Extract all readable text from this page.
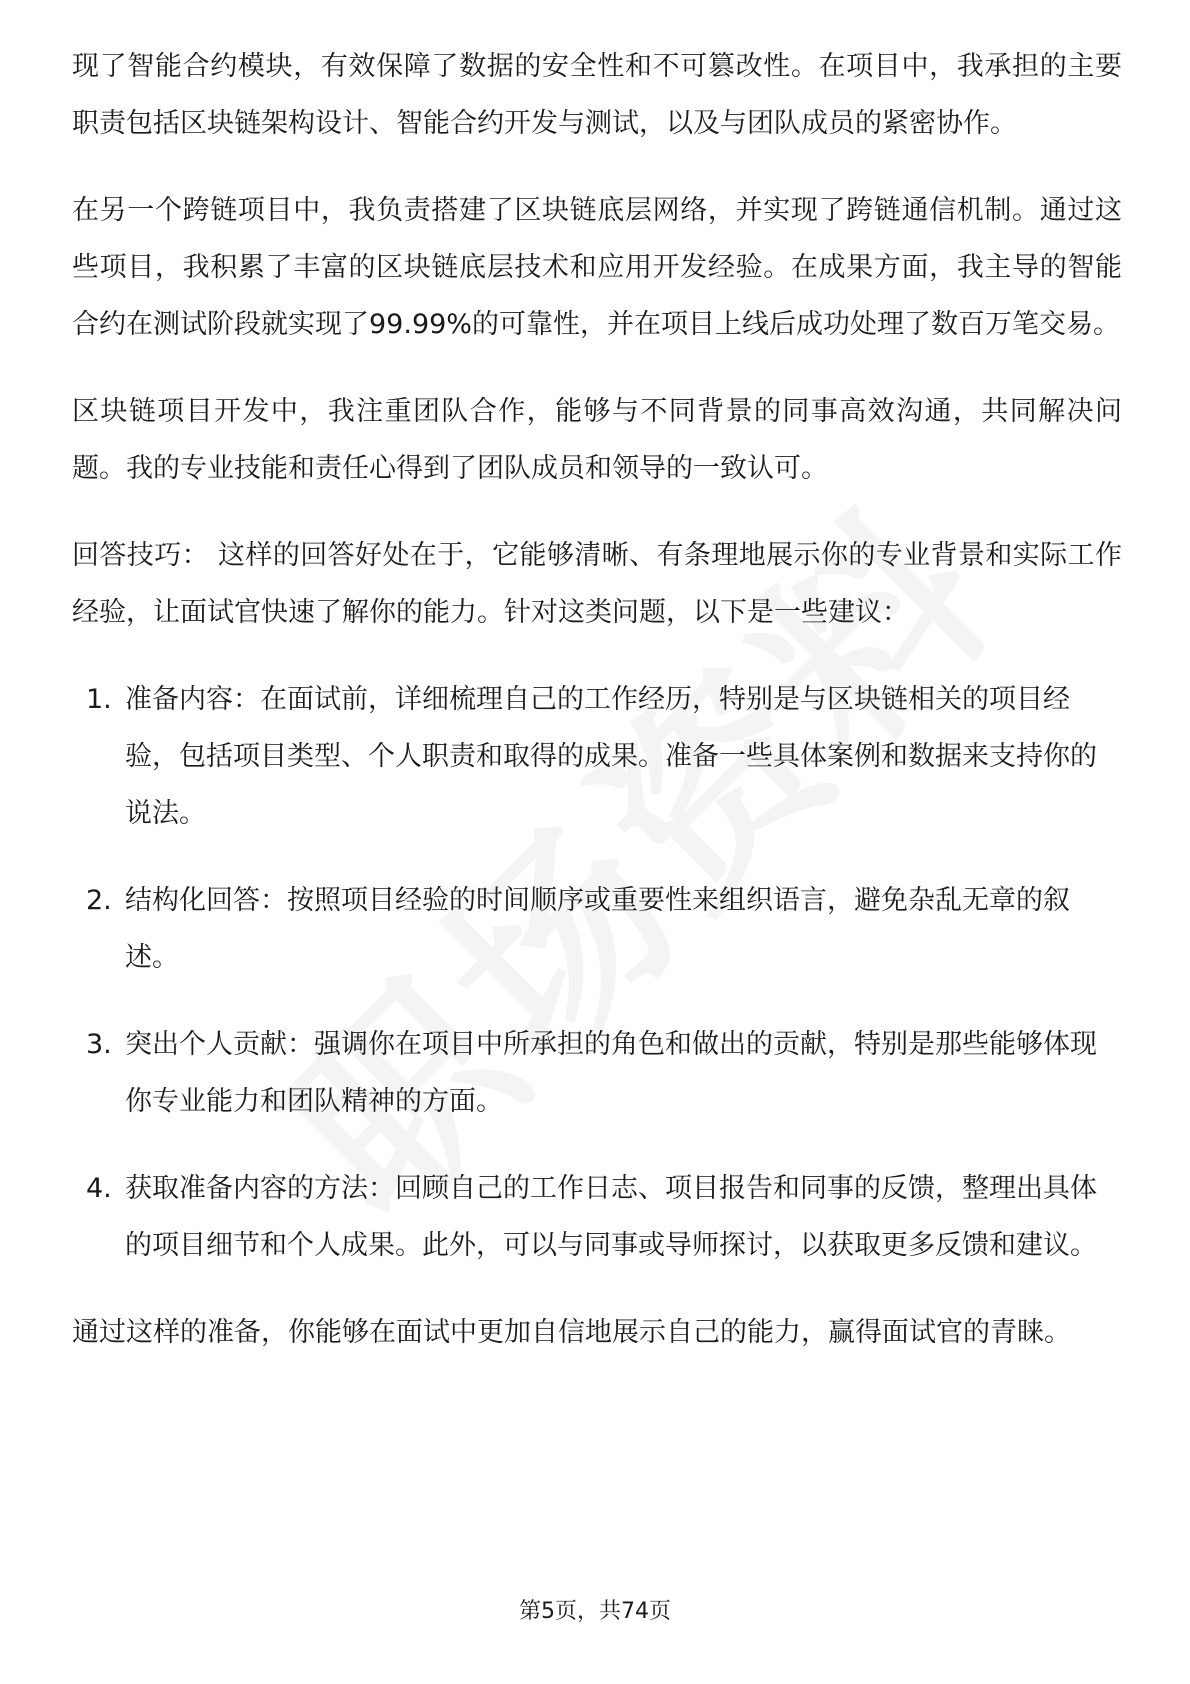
现了智能合约模块，有效保障了数据的安全性和不可篡改性。在项目中，我承担的主要职责包括区块链架构设计、智能合约开发与测试，以及与团队成员的紧密协作。

在另一个跨链项目中，我负责搭建了区块链底层网络，并实现了跨链通信机制。通过这些项目，我积累了丰富的区块链底层技术和应用开发经验。在成果方面，我主导的智能合约在测试阶段就实现了99.99%的可靠性，并在项目上线后成功处理了数百万笔交易。

区块链项目开发中，我注重团队合作，能够与不同背景的同事高效沟通，共同解决问题。我的专业技能和责任心得到了团队成员和领导的一致认可。

回答技巧： 这样的回答好处在于，它能够清晰、有条理地展示你的专业背景和实际工作经验，让面试官快速了解你的能力。针对这类问题，以下是一些建议：

1. 准备内容：在面试前，详细梳理自己的工作经历，特别是与区块链相关的项目经验，包括项目类型、个人职责和取得的成果。准备一些具体案例和数据来支持你的说法。
2. 结构化回答：按照项目经验的时间顺序或重要性来组织语言，避免杂乱无章的叙述。
3. 突出个人贡献：强调你在项目中所承担的角色和做出的贡献，特别是那些能够体现你专业能力和团队精神的方面。
4. 获取准备内容的方法：回顾自己的工作日志、项目报告和同事的反馈，整理出具体的项目细节和个人成果。此外，可以与同事或导师探讨，以获取更多反馈和建议。

通过这样的准备，你能够在面试中更加自信地展示自己的能力，赢得面试官的青睐。

第5页，共74页
